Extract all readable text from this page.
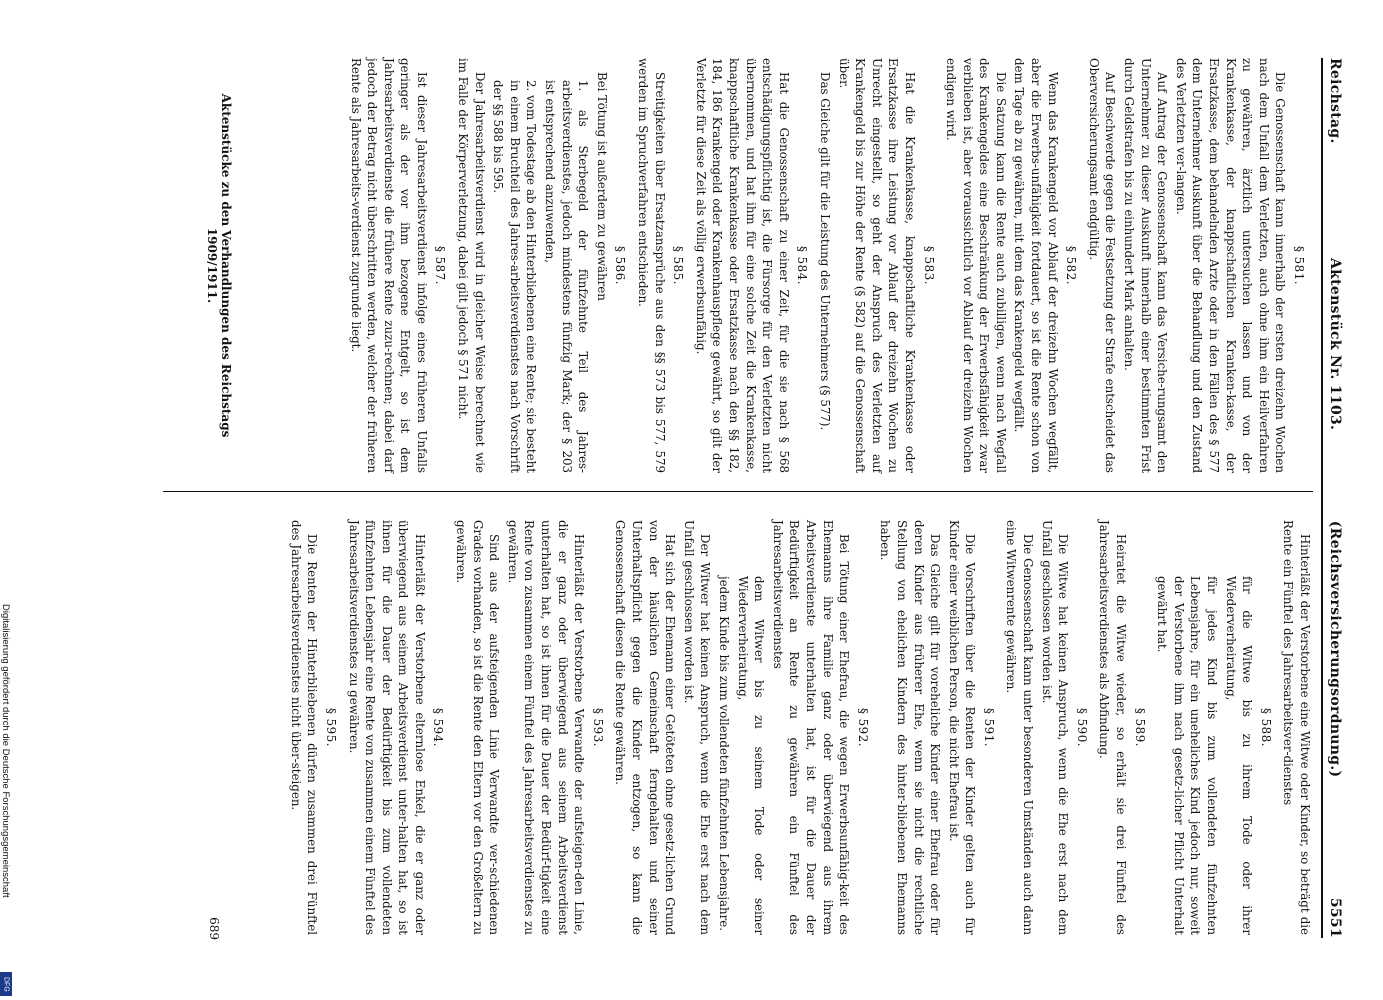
Reichstag.
Aktenstück Nr. 1103.
(Reichsversicherungsordnung.)  5551
§ 581.

Die Genossenschaft kann innerhalb der ersten dreizehn Wochen nach dem Unfall dem Verletzten, auch ohne ihm ein Heilverfahren zu gewähren, ärztlich untersuchen lassen und von der Krankenkasse, der knappschaftlichen Kranken-kasse, der Ersatzkasse, dem behandelnden Arzte oder in den Fällen des § 577 dem Unternehmer Auskunft über die Behandlung und den Zustand des Verletzten ver-langen.

Auf Antrag der Genossenschaft kann das Versiche-rungsamt den Unternehmer zu dieser Auskunft innerhalb einer bestimmten Frist durch Geldstrafen bis zu einhundert Mark anhalten.

Auf Beschwerde gegen die Festsetzung der Strafe entscheidet das Oberversicherungsamt endgültig.

§ 582.

Wenn das Krankengeld vor Ablauf der dreizehn Wochen wegfällt, aber die Erwerbs-unfähigkeit fortdauert, so ist die Rente schon von dem Tage ab zu gewähren, mit dem das Krankengeld wegfällt.

Die Satzung kann die Rente auch zubilligen, wenn nach Wegfall des Krankengeldes eine Beschränkung der Erwerbsfähigkeit zwar verblieben ist, aber voraussichtlich vor Ablauf der dreizehn Wochen endigen wird.

§ 583.

Hat die Krankenkasse, knappschaftliche Krankenkasse oder Ersatzkasse ihre Leistung vor Ablauf der dreizehn Wochen zu Unrecht eingestellt, so geht der Anspruch des Verletzten auf Krankengeld bis zur Höhe der Rente (§ 582) auf die Genossenschaft über.

Das Gleiche gilt für die Leistung des Unternehmers (§ 577).

§ 584.

Hat die Genossenschaft zu einer Zeit, für die sie nach § 568 entschädigungspflichtig ist, die Fürsorge für den Verletzten nicht übernommen, und hat ihm für eine solche Zeit die Krankenkasse, knappschaftliche Krankenkasse oder Ersatzkasse nach den §§ 182, 184, 186 Krankengeld oder Krankenhauspflege gewährt, so gilt der Verletzte für diese Zeit als völlig erwerbsunfähig.

§ 585.

Streitigkeiten über Ersatzansprüche aus den §§ 573 bis 577, 579 werden im Spruchverfahren entschieden.

§ 586.

Bei Tötung ist außerdem zu gewähren

1. als Sterbegeld der fünfzehnte Teil des Jahres-arbeitsverdienstes, jedoch mindestens fünfzig Mark; der § 203 ist entsprechend anzuwenden,

2. vom Todestage ab den Hinterbliebenen eine Rente; sie besteht in einem Bruchteil des Jahres-arbeitsverdienstes nach Vorschrift der §§ 588 bis 595.

Der Jahresarbeitsverdienst wird in gleicher Weise berechnet wie im Falle der Körperverletzung, dabei gilt jedoch § 571 nicht.

§ 587.

Ist dieser Jahresarbeitsverdienst infolge eines früheren Unfalls geringer als der vor ihm bezogene Entgelt, so ist dem Jahresarbeitsverdienste die frühere Rente zuzu-rechnen; dabei darf jedoch der Betrag nicht überschritten werden, welcher der früheren Rente als Jahresarbeits-verdienst zugrunde liegt.

Hinterläßt der Verstorbene eine Witwe oder Kinder, so beträgt die Rente ein Fünftel des Jahresarbeitsver-dienstes

§ 588.

für die Witwe bis zu ihrem Tode oder ihrer Wiederverheiratung,

für jedes Kind bis zum vollendeten fünfzehnten Lebensjahre, für ein uneheliches Kind jedoch nur, soweit der Verstorbene ihm nach gesetz-licher Pflicht Unterhalt gewährt hat.

§ 589.

Heiratet die Witwe wieder, so erhält sie drei Fünftel des Jahresarbeitsverdienstes als Abfindung.

§ 590.

Die Witwe hat keinen Anspruch, wenn die Ehe erst nach dem Unfall geschlossen worden ist.

Die Genossenschaft kann unter besonderen Umständen auch dann eine Witwenrente gewähren.

§ 591.

Die Vorschriften über die Renten der Kinder gelten auch für Kinder einer weiblichen Person, die nicht Ehefrau ist.

Das Gleiche gilt für voreheliche Kinder einer Ehefrau oder für deren Kinder aus früherer Ehe, wenn sie nicht die rechtliche Stellung von ehelichen Kindern des hinter-bliebenen Ehemanns haben.

§ 592.

Bei Tötung einer Ehefrau, die wegen Erwerbsunfähig-keit des Ehemanns ihre Familie ganz oder überwiegend aus ihrem Arbeitsverdienste unterhalten hat, ist für die Dauer der Bedürftigkeit an Rente zu gewähren ein Fünftel des Jahresarbeitsverdienstes

dem Witwer bis zu seinem Tode oder seiner Wiederverheiratung,

jedem Kinde bis zum vollendeten fünfzehnten Lebensjahre.

Der Witwer hat keinen Anspruch, wenn die Ehe erst nach dem Unfall geschlossen worden ist.

Hat sich der Ehemann einer Getöteten ohne gesetz-lichen Grund von der häuslichen Gemeinschaft ferngehalten und seiner Unterhaltspflicht gegen die Kinder entzogen, so kann die Genossenschaft diesen die Rente gewähren.

§ 593.

Hinterläßt der Verstorbene Verwandte der aufsteigen-den Linie, die er ganz oder überwiegend aus seinem Arbeitsverdienst unterhalten hat, so ist ihnen für die Dauer der Bedürf-tigkeit eine Rente von zusammen einem Fünftel des Jahresarbeitsverdienstes zu gewähren.

Sind aus der aufsteigenden Linie Verwandte ver-schiedenen Grades vorhanden, so ist die Rente den Eltern vor den Großeltern zu gewähren.

§ 594.

Hinterläßt der Verstorbene elternlose Enkel, die er ganz oder überwiegend aus seinem Arbeitsverdienst unter-halten hat, so ist ihnen für die Dauer der Bedürftigkeit bis zum vollendeten fünfzehnten Lebensjahr eine Rente von zusammen einem Fünftel des Jahresarbeitsverdienstes zu gewähren.

§ 595.

Die Renten der Hinterbliebenen dürfen zusammen drei Fünftel des Jahresarbeitsverdienstes nicht über-steigen.

Aktenstücke zu den Verhandlungen des Reichstags 1909/1911.
689
Digitalisierung gefördert durch die Deutsche Forschungsgemeinschaft
DFG
